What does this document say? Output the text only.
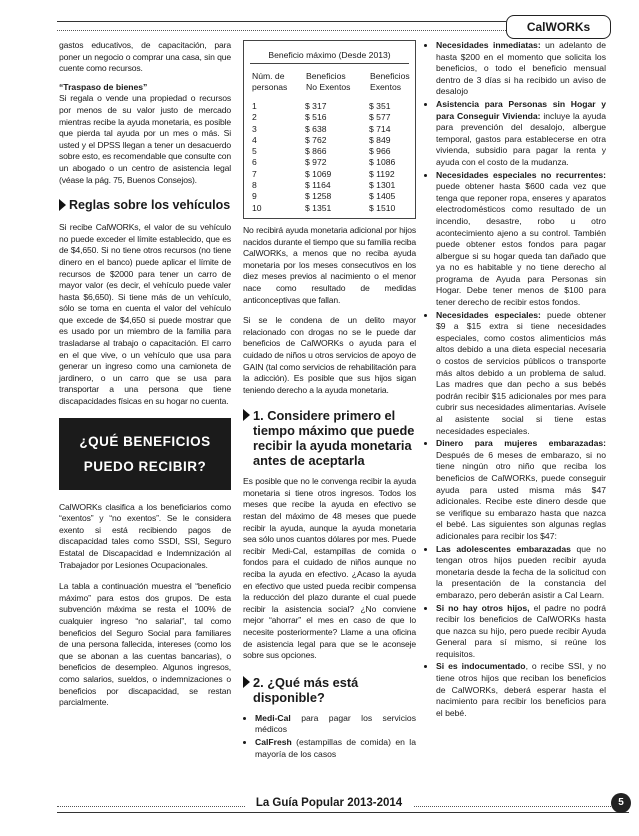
CalWORKs

gastos educativos, de capacitación, para poner un negocio o comprar una casa, sin que cuente como recursos.

“Traspaso de bienes”

Si regala o vende una propiedad o recursos por menos de su valor justo de mercado mientras recibe la ayuda monetaria, es posible que pierda tal ayuda por un mes o más. Si usted y el DPSS llegan a tener un desacuerdo sobre esto, es recomendable que consulte con un abogado o un centro de asistencia legal (véase la pág. 75, Buenos Consejos).

Reglas sobre los vehículos

Si recibe CalWORKs, el valor de su vehículo no puede exceder el límite establecido, que es de $4,650. Si no tiene otros recursos (no tiene dinero en el banco) puede aplicar el límite de recursos de $2000 para tener un carro de mayor valor (es decir, el vehículo puede valer hasta $6,650). Si tiene más de un vehículo, sólo se toma en cuenta el valor del vehículo que excede de $4,650 si puede mostrar que es usado por un miembro de la familia para trasladarse al trabajo o capacitación. El carro en el que vive, o un vehículo que usa para generar un ingreso como una camioneta de jardinero, o un carro que se usa para transportar a una persona que tiene discapacidades físicas en su hogar no cuenta.

¿QUÉ BENEFICIOS
PUEDO RECIBIR?

CalWORKs clasifica a los beneficiarios como “exentos” y “no exentos”. Se le considera exento si está recibiendo pagos de discapacidad tales como SSDI, SSI, Seguro Estatal de Discapacidad e Indemnización al Trabajador por Lesiones Ocupacionales.

La tabla a continuación muestra el “beneficio máximo” para estos dos grupos. De esta subvención máxima se resta el 100% de cualquier ingreso “no salarial”, tal como beneficios del Seguro Social para familiares de una persona fallecida, intereses (como los que se abonan a las cuentas bancarias), o beneficios de desempleo. Algunos ingresos, como salarios, sueldos, o indemnizaciones o beneficios por discapacidad, se restan parcialmente.

Beneficio máximo (Desde 2013)
Núm. de
personas	Beneficios
No Exentos	Beneficios
Exentos
1	$ 317	$ 351
2	$ 516	$ 577
3	$ 638	$ 714
4	$ 762	$ 849
5	$ 866	$ 966
6	$ 972	$ 1086
7	$ 1069	$ 1192
8	$ 1164	$ 1301
9	$ 1258	$ 1405
10	$ 1351	$ 1510

No recibirá ayuda monetaria adicional por hijos nacidos durante el tiempo que su familia reciba CalWORKs, a menos que no reciba ayuda monetaria por los meses consecutivos en los diez meses previos al nacimiento o el menor nace como resultado de medidas anticonceptivas que fallan.

Si se le condena de un delito mayor relacionado con drogas no se le puede dar beneficios de CalWORKs o ayuda para el cuidado de niños u otros servicios de apoyo de GAIN (tal como servicios de rehabilitación para la adicción). Es posible que sus hijos sigan teniendo derecho a la ayuda monetaria.

1. Considere primero el tiempo máximo que puede recibir la ayuda monetaria antes de aceptarla

Es posible que no le convenga recibir la ayuda monetaria si tiene otros ingresos. Todos los meses que recibe la ayuda en efectivo se restan del máximo de 48 meses que puede recibir la ayuda, aunque la ayuda monetaria sea sólo unos cuantos dólares por mes. Puede recibir Medi-Cal, estampillas de comida o fondos para el cuidado de niños aunque no reciba la ayuda en efectivo. ¿Acaso la ayuda en efectivo que usted pueda recibir compensa la reducción del plazo durante el cual puede recibir la asistencia social? ¿No conviene mejor “ahorrar” el mes en caso de que lo necesite posteriormente? Llame a una oficina de asistencia legal para que se le aconseje sobre sus opciones.

2. ¿Qué más está disponible?
• Medi-Cal para pagar los servicios médicos
• CalFresh (estampillas de comida) en la mayoría de los casos
• Necesidades inmediatas: un adelanto de hasta $200 en el momento que solicita los beneficios, o todo el beneficio mensual dentro de 3 días si ha recibido un aviso de desalojo
• Asistencia para Personas sin Hogar y para Conseguir Vivienda: incluye la ayuda para prevención del desalojo, albergue temporal, gastos para establecerse en otra vivienda, subsidio para pagar la renta y ayuda con el costo de la mudanza.
• Necesidades especiales no recurrentes: puede obtener hasta $600 cada vez que tenga que reponer ropa, enseres y aparatos electrodomésticos como resultado de un incendio, desastre, robo u otro acontecimiento ajeno a su control. También puede obtener estos fondos para pagar albergue si su hogar queda tan dañado que ya no es habitable y no tiene derecho al programa de Ayuda para Personas sin Hogar. Debe tener menos de $100 para tener derecho de recibir estos fondos.
• Necesidades especiales: puede obtener $9 a $15 extra si tiene necesidades especiales, como costos alimenticios más altos debido a una dieta especial necesaria o costos de servicios públicos o transporte más altos debido a un problema de salud. Las madres que dan pecho a sus bebés podrán recibir $15 adicionales por mes para cubrir sus necesidades alimentarias. Avísele al asistente social si tiene estas necesidades especiales.
• Dinero para mujeres embarazadas: Después de 6 meses de embarazo, si no tiene ningún otro niño que reciba los beneficios de CalWORKs, puede conseguir ayuda para usted misma más $47 adicionales. Recibe este dinero desde que se verifique su embarazo hasta que nazca el bebé. Las siguientes son algunas reglas adicionales para recibir los $47:
• Las adolescentes embarazadas que no tengan otros hijos pueden recibir ayuda monetaria desde la fecha de la solicitud con la presentación de la constancia del embarazo, pero deberán asistir a Cal Learn.
• Si no hay otros hijos, el padre no podrá recibir los beneficios de CalWORKs hasta que nazca su hijo, pero puede recibir Ayuda General para sí mismo, si reúne los requisitos.
• Si es indocumentado, o recibe SSI, y no tiene otros hijos que reciban los beneficios de CalWORKs, deberá esperar hasta el nacimiento para recibir los beneficios para el bebé.
La Guía Popular 2013-2014	5
